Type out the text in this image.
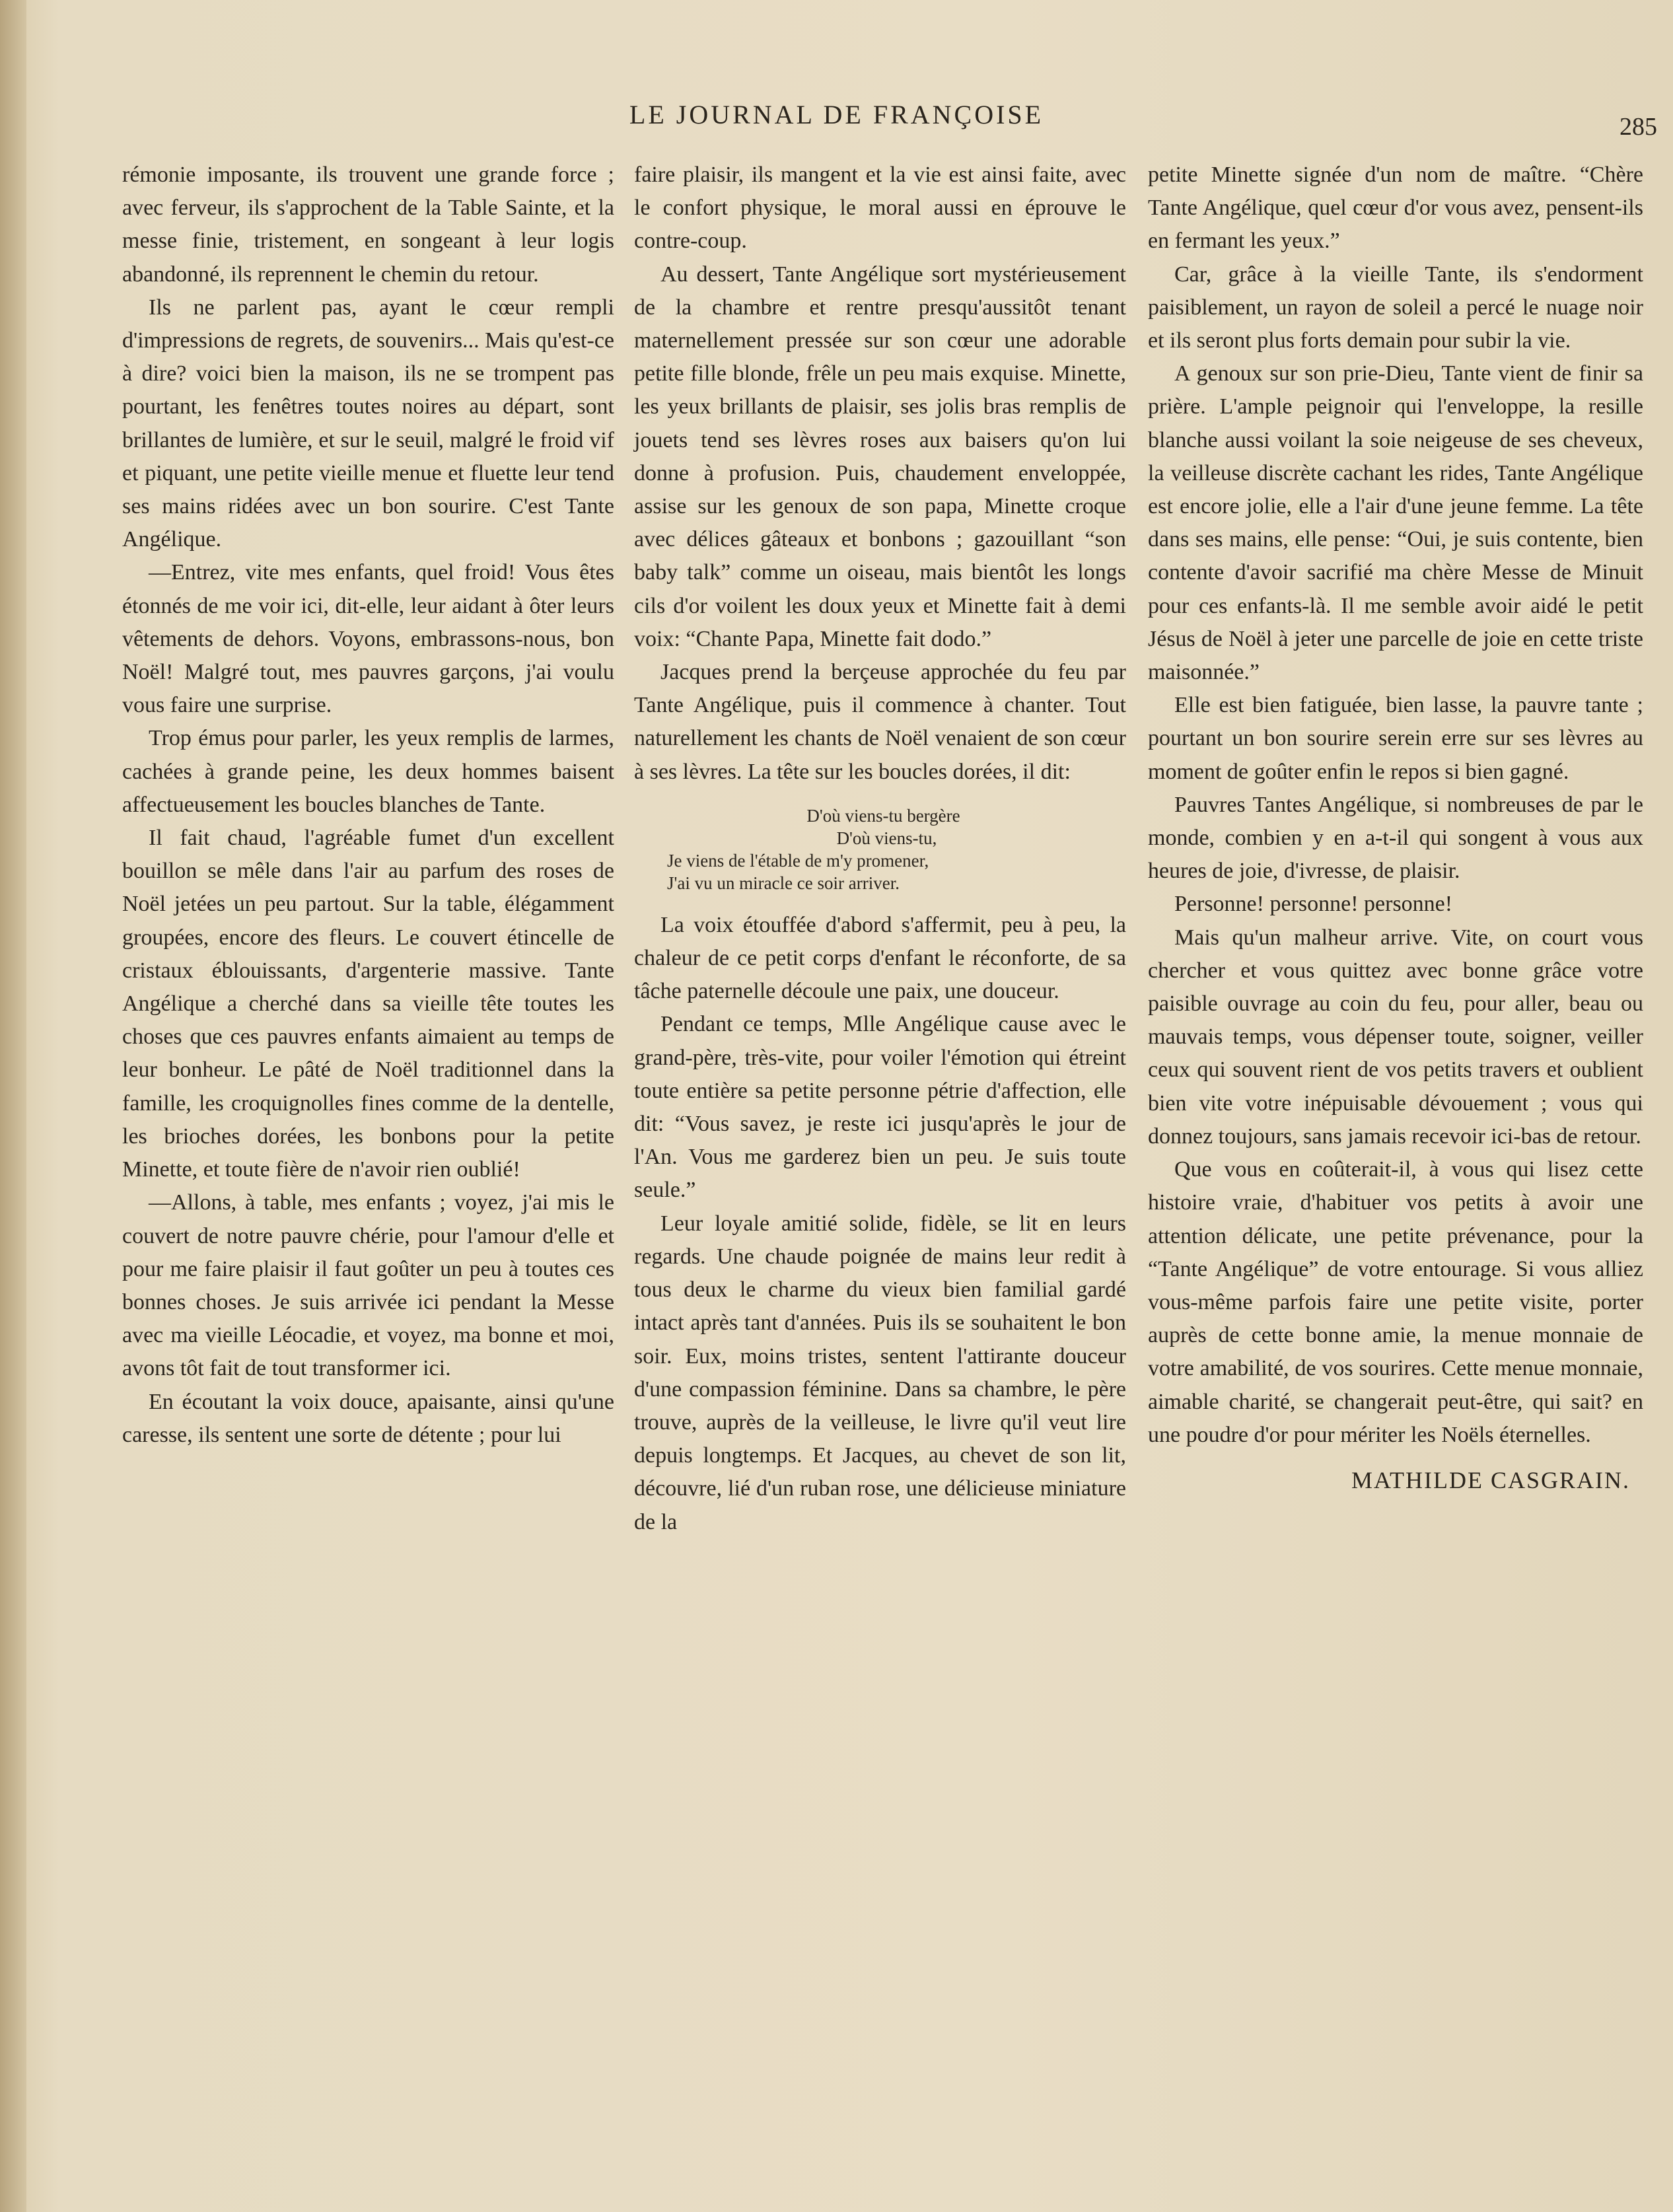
LE JOURNAL DE FRANÇOISE	285

rémonie imposante, ils trouvent une grande force ; avec ferveur, ils s'approchent de la Table Sainte, et la messe finie, tristement, en songeant à leur logis abandonné, ils reprennent le chemin du retour.

Ils ne parlent pas, ayant le cœur rempli d'impressions de regrets, de souvenirs... Mais qu'est-ce à dire? voici bien la maison, ils ne se trompent pas pourtant, les fenêtres toutes noires au départ, sont brillantes de lumière, et sur le seuil, malgré le froid vif et piquant, une petite vieille menue et fluette leur tend ses mains ridées avec un bon sourire. C'est Tante Angélique.

—Entrez, vite mes enfants, quel froid! Vous êtes étonnés de me voir ici, dit-elle, leur aidant à ôter leurs vêtements de dehors. Voyons, embrassons-nous, bon Noël! Malgré tout, mes pauvres garçons, j'ai voulu vous faire une surprise.

Trop émus pour parler, les yeux remplis de larmes, cachées à grande peine, les deux hommes baisent affectueusement les boucles blanches de Tante.

Il fait chaud, l'agréable fumet d'un excellent bouillon se mêle dans l'air au parfum des roses de Noël jetées un peu partout. Sur la table, élégamment groupées, encore des fleurs. Le couvert étincelle de cristaux éblouissants, d'argenterie massive. Tante Angélique a cherché dans sa vieille tête toutes les choses que ces pauvres enfants aimaient au temps de leur bonheur. Le pâté de Noël traditionnel dans la famille, les croquignolles fines comme de la dentelle, les brioches dorées, les bonbons pour la petite Minette, et toute fière de n'avoir rien oublié!

—Allons, à table, mes enfants ; voyez, j'ai mis le couvert de notre pauvre chérie, pour l'amour d'elle et pour me faire plaisir il faut goûter un peu à toutes ces bonnes choses. Je suis arrivée ici pendant la Messe avec ma vieille Léocadie, et voyez, ma bonne et moi, avons tôt fait de tout transformer ici.

En écoutant la voix douce, apaisante, ainsi qu'une caresse, ils sentent une sorte de détente ; pour lui

faire plaisir, ils mangent et la vie est ainsi faite, avec le confort physique, le moral aussi en éprouve le contre-coup.

Au dessert, Tante Angélique sort mystérieusement de la chambre et rentre presqu'aussitôt tenant maternellement pressée sur son cœur une adorable petite fille blonde, frêle un peu mais exquise. Minette, les yeux brillants de plaisir, ses jolis bras remplis de jouets tend ses lèvres roses aux baisers qu'on lui donne à profusion. Puis, chaudement enveloppée, assise sur les genoux de son papa, Minette croque avec délices gâteaux et bonbons ; gazouillant “son baby talk” comme un oiseau, mais bientôt les longs cils d'or voilent les doux yeux et Minette fait à demi voix: “Chante Papa, Minette fait dodo.”

Jacques prend la berçeuse approchée du feu par Tante Angélique, puis il commence à chanter. Tout naturellement les chants de Noël venaient de son cœur à ses lèvres. La tête sur les boucles dorées, il dit:

D'où viens-tu bergère
D'où viens-tu,
Je viens de l'étable de m'y promener,
J'ai vu un miracle ce soir arriver.

La voix étouffée d'abord s'affermit, peu à peu, la chaleur de ce petit corps d'enfant le réconforte, de sa tâche paternelle découle une paix, une douceur.

Pendant ce temps, Mlle Angélique cause avec le grand-père, très-vite, pour voiler l'émotion qui étreint toute entière sa petite personne pétrie d'affection, elle dit: “Vous savez, je reste ici jusqu'après le jour de l'An. Vous me garderez bien un peu. Je suis toute seule.”

Leur loyale amitié solide, fidèle, se lit en leurs regards. Une chaude poignée de mains leur redit à tous deux le charme du vieux bien familial gardé intact après tant d'années. Puis ils se souhaitent le bon soir. Eux, moins tristes, sentent l'attirante douceur d'une compassion féminine. Dans sa chambre, le père trouve, auprès de la veilleuse, le livre qu'il veut lire depuis longtemps. Et Jacques, au chevet de son lit, découvre, lié d'un ruban rose, une délicieuse miniature de la

petite Minette signée d'un nom de maître. “Chère Tante Angélique, quel cœur d'or vous avez, pensent-ils en fermant les yeux.”

Car, grâce à la vieille Tante, ils s'endorment paisiblement, un rayon de soleil a percé le nuage noir et ils seront plus forts demain pour subir la vie.

A genoux sur son prie-Dieu, Tante vient de finir sa prière. L'ample peignoir qui l'enveloppe, la resille blanche aussi voilant la soie neigeuse de ses cheveux, la veilleuse discrète cachant les rides, Tante Angélique est encore jolie, elle a l'air d'une jeune femme. La tête dans ses mains, elle pense: “Oui, je suis contente, bien contente d'avoir sacrifié ma chère Messe de Minuit pour ces enfants-là. Il me semble avoir aidé le petit Jésus de Noël à jeter une parcelle de joie en cette triste maisonnée.”

Elle est bien fatiguée, bien lasse, la pauvre tante ; pourtant un bon sourire serein erre sur ses lèvres au moment de goûter enfin le repos si bien gagné.

Pauvres Tantes Angélique, si nombreuses de par le monde, combien y en a-t-il qui songent à vous aux heures de joie, d'ivresse, de plaisir.

Personne! personne! personne!

Mais qu'un malheur arrive. Vite, on court vous chercher et vous quittez avec bonne grâce votre paisible ouvrage au coin du feu, pour aller, beau ou mauvais temps, vous dépenser toute, soigner, veiller ceux qui souvent rient de vos petits travers et oublient bien vite votre inépuisable dévouement ; vous qui donnez toujours, sans jamais recevoir ici-bas de retour.

Que vous en coûterait-il, à vous qui lisez cette histoire vraie, d'habituer vos petits à avoir une attention délicate, une petite prévenance, pour la “Tante Angélique” de votre entourage. Si vous alliez vous-même parfois faire une petite visite, porter auprès de cette bonne amie, la menue monnaie de votre amabilité, de vos sourires. Cette menue monnaie, aimable charité, se changerait peut-être, qui sait? en une poudre d'or pour mériter les Noëls éternelles.

MATHILDE CASGRAIN.
